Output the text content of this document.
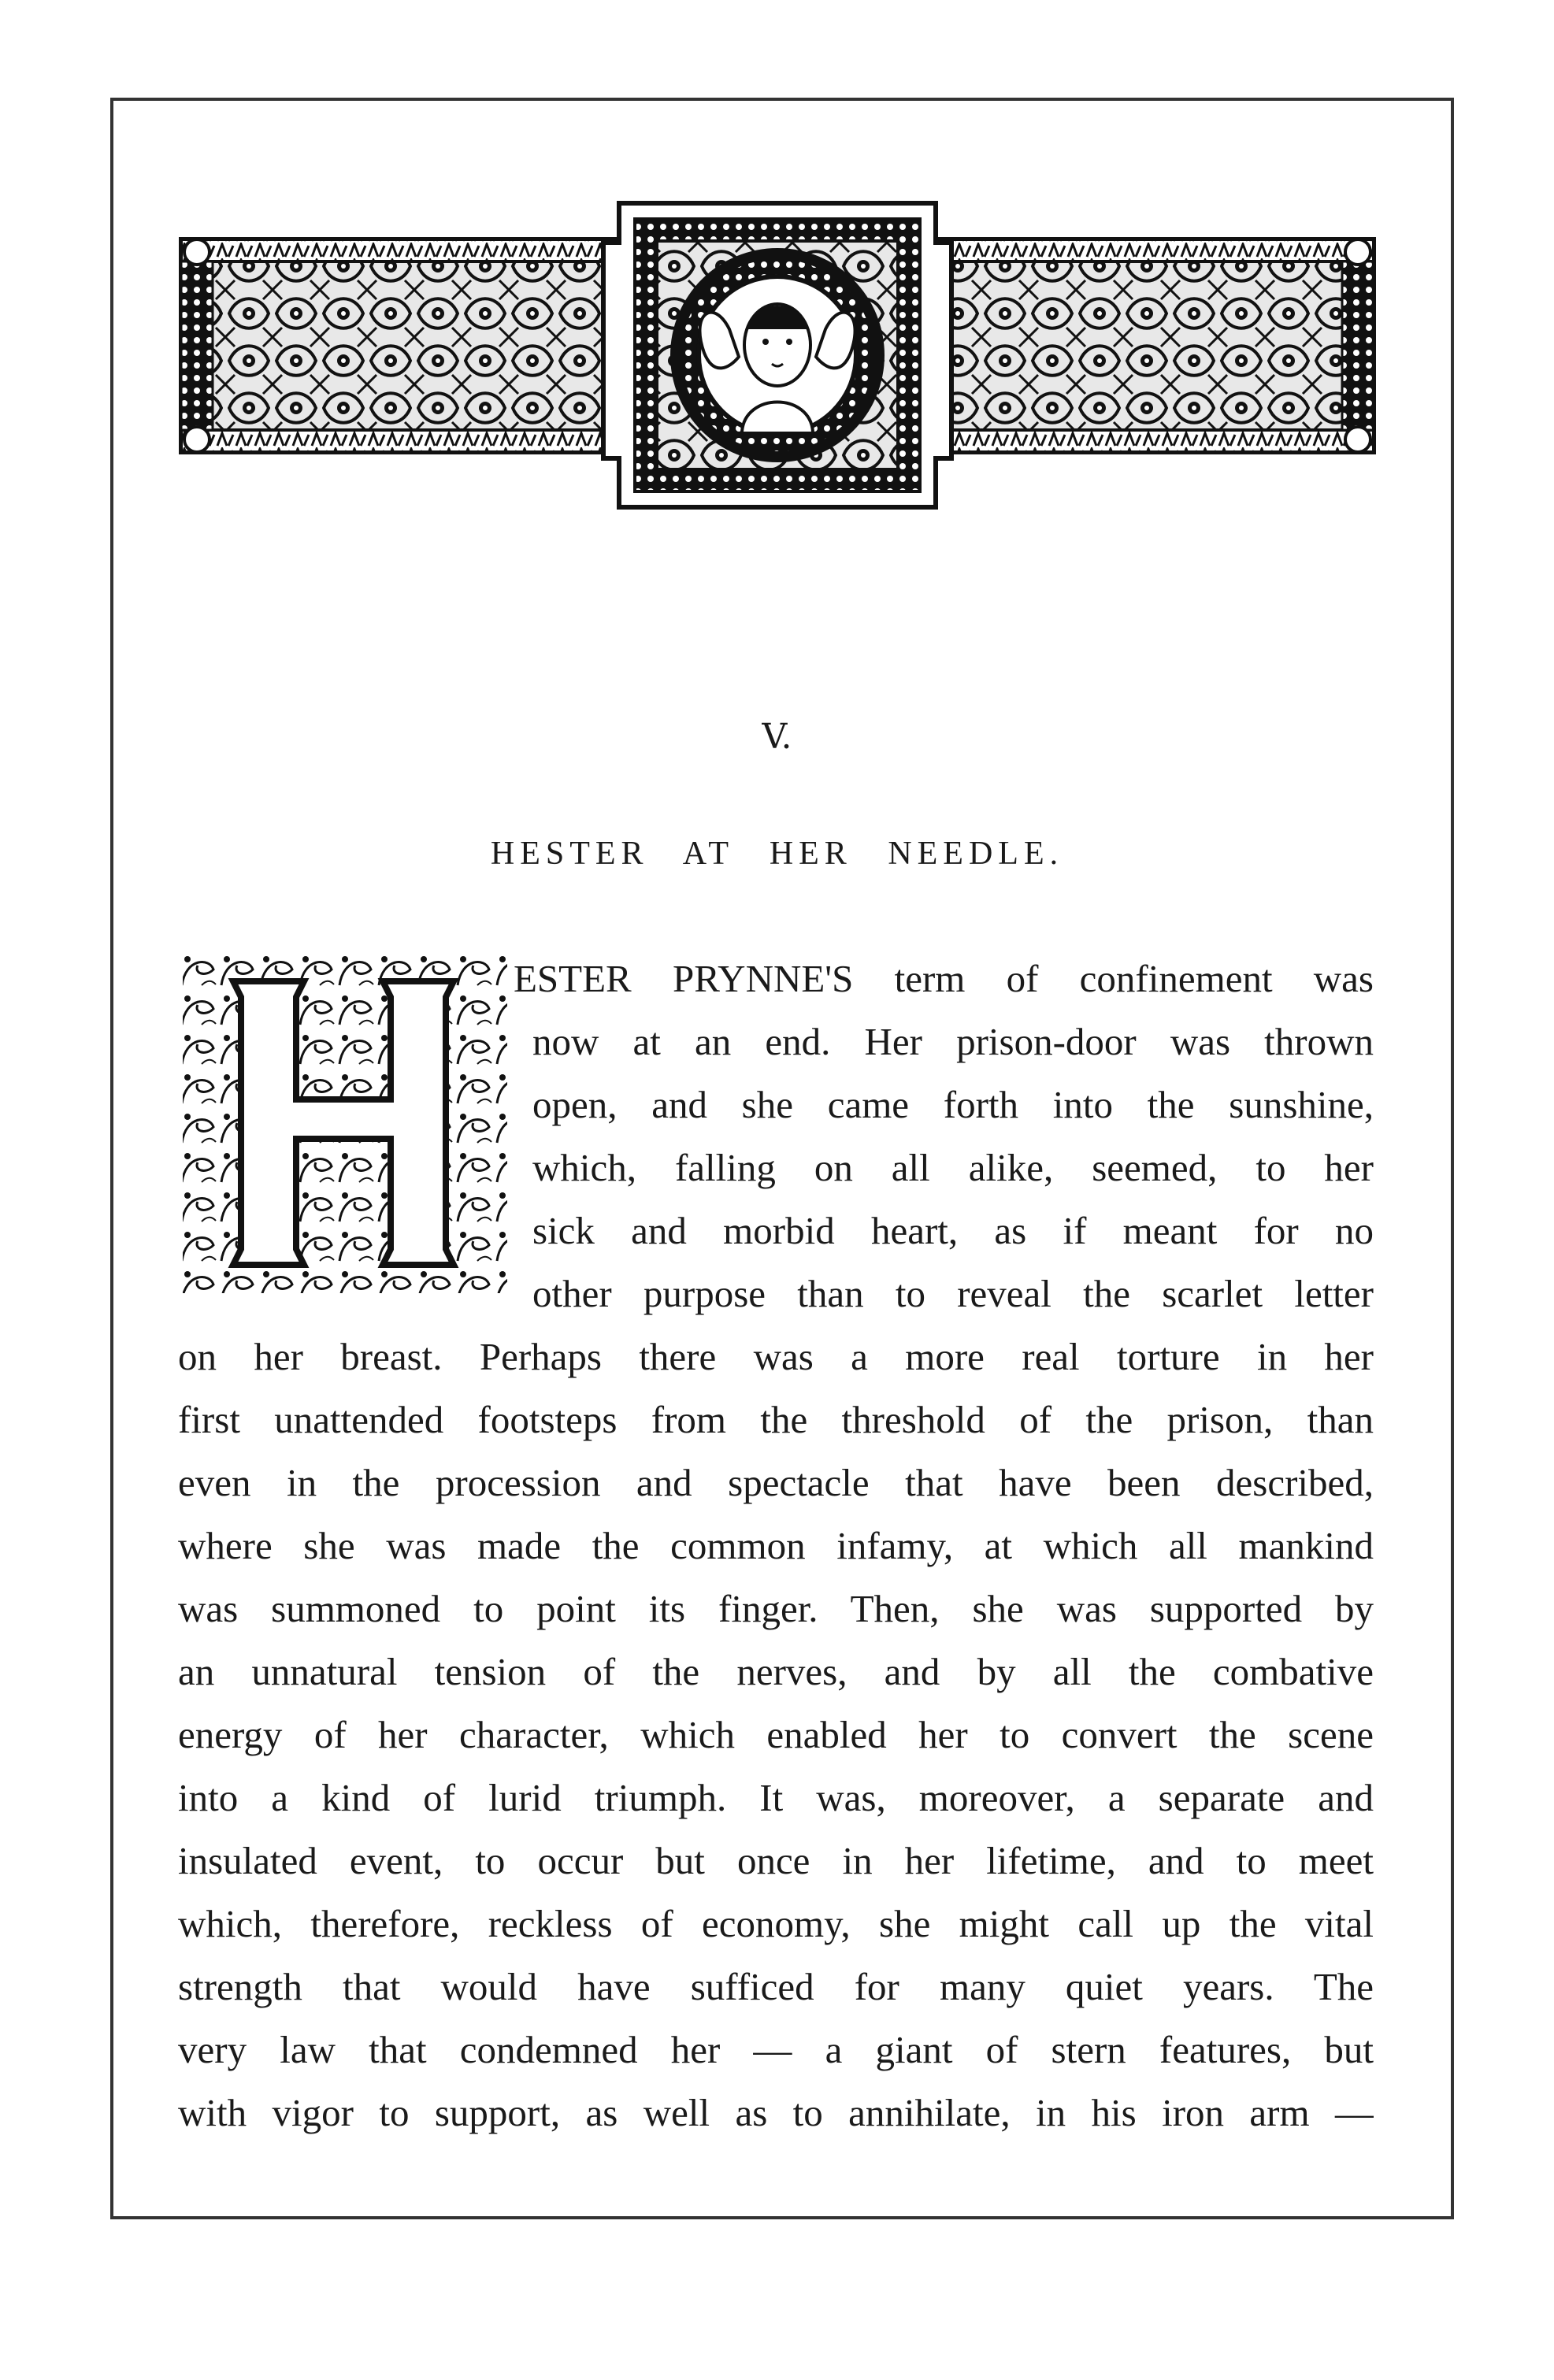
V.
HESTER AT HER NEEDLE.
ESTER PRYNNE'S term of confinement was
now at an end. Her prison-door was thrown
open, and she came forth into the sunshine,
which, falling on all alike, seemed, to her
sick and morbid heart, as if meant for no
other purpose than to reveal the scarlet letter
on her breast. Perhaps there was a more real torture in her
first unattended footsteps from the threshold of the prison, than
even in the procession and spectacle that have been described,
where she was made the common infamy, at which all mankind
was summoned to point its finger. Then, she was supported by
an unnatural tension of the nerves, and by all the combative
energy of her character, which enabled her to convert the scene
into a kind of lurid triumph. It was, moreover, a separate and
insulated event, to occur but once in her lifetime, and to meet
which, therefore, reckless of economy, she might call up the vital
strength that would have sufficed for many quiet years. The
very law that condemned her — a giant of stern features, but
with vigor to support, as well as to annihilate, in his iron arm —
